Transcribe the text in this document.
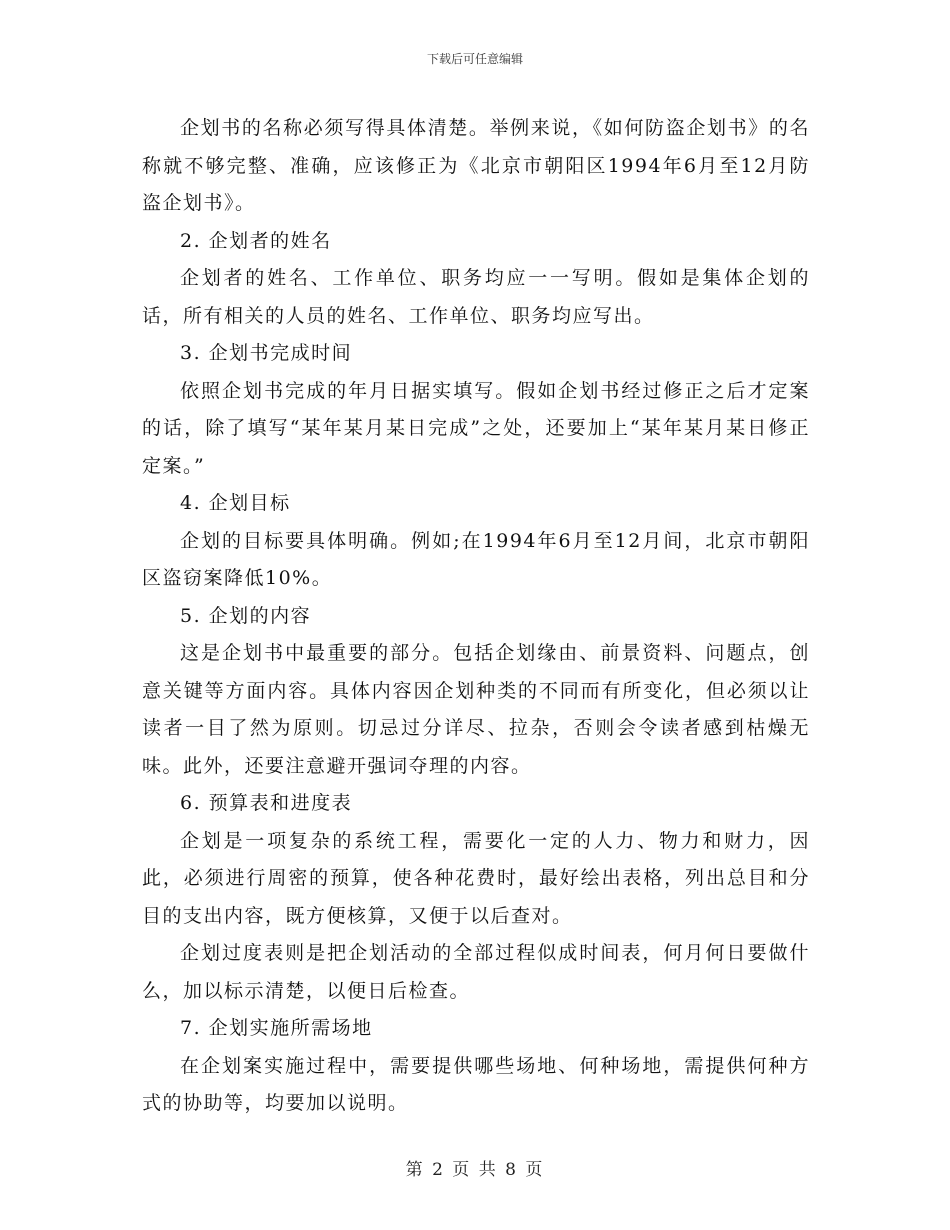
下载后可任意编辑

企划书的名称必须写得具体清楚。举例来说，《如何防盗企划书》的名称就不够完整、准确，应该修正为《北京市朝阳区1994年6月至12月防盗企划书》。

2. 企划者的姓名

企划者的姓名、工作单位、职务均应一一写明。假如是集体企划的话，所有相关的人员的姓名、工作单位、职务均应写出。

3. 企划书完成时间

依照企划书完成的年月日据实填写。假如企划书经过修正之后才定案的话，除了填写“某年某月某日完成”之处，还要加上“某年某月某日修正定案。”

4. 企划目标

企划的目标要具体明确。例如;在1994年6月至12月间，北京市朝阳区盗窃案降低10%。

5. 企划的内容

这是企划书中最重要的部分。包括企划缘由、前景资料、问题点，创意关键等方面内容。具体内容因企划种类的不同而有所变化，但必须以让读者一目了然为原则。切忌过分详尽、拉杂，否则会令读者感到枯燥无味。此外，还要注意避开强词夺理的内容。

6. 预算表和进度表

企划是一项复杂的系统工程，需要化一定的人力、物力和财力，因此，必须进行周密的预算，使各种花费时，最好绘出表格，列出总目和分目的支出内容，既方便核算，又便于以后查对。

企划过度表则是把企划活动的全部过程似成时间表，何月何日要做什么，加以标示清楚，以便日后检查。

7. 企划实施所需场地

在企划案实施过程中，需要提供哪些场地、何种场地，需提供何种方式的协助等，均要加以说明。

第 2 页 共 8 页
